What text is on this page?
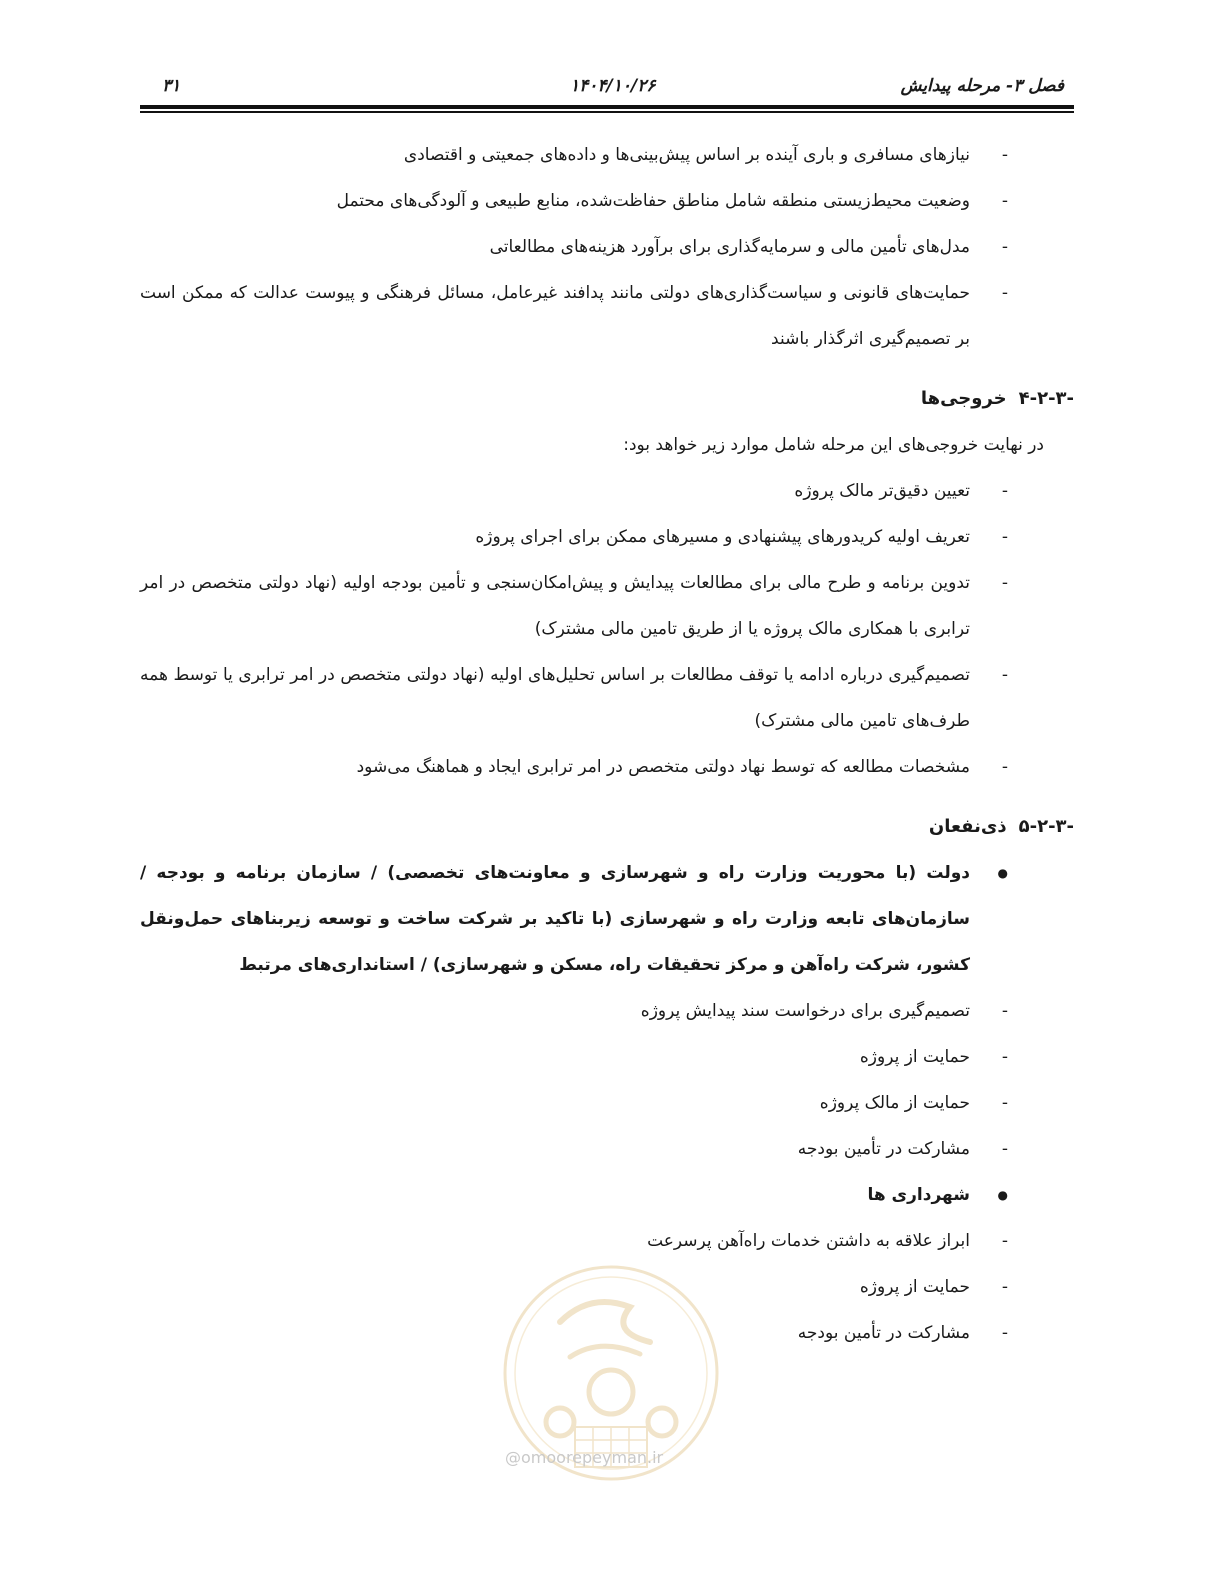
فصل ۳- مرحله پیدایش
۱۴۰۴/۱۰/۲۶
۳۱
-
نیازهای مسافری و باری آینده بر اساس پیش‌بینی‌ها و داده‌های جمعیتی و اقتصادی
-
وضعیت محیط‌زیستی منطقه شامل مناطق حفاظت‌شده، منابع طبیعی و آلودگی‌های محتمل
-
مدل‌های تأمین مالی و سرمایه‌گذاری برای برآورد هزینه‌های مطالعاتی
-
حمایت‌های قانونی و سیاست‌گذاری‌های دولتی مانند پدافند غیرعامل، مسائل فرهنگی و پیوست عدالت که ممکن است بر تصمیم‌گیری اثرگذار باشند
۴-۲-۳-خروجی‌ها
در نهایت خروجی‌های این مرحله شامل موارد زیر خواهد بود:
-
تعیین دقیق‌تر مالک پروژه
-
تعریف اولیه کریدورهای پیشنهادی و مسیرهای ممکن برای اجرای پروژه
-
تدوین برنامه و طرح مالی برای مطالعات پیدایش و پیش‌امکان‌سنجی و تأمین بودجه اولیه (نهاد دولتی متخصص در امر ترابری با همکاری مالک پروژه یا از طریق تامین مالی مشترک)
-
تصمیم‌گیری درباره ادامه یا توقف مطالعات بر اساس تحلیل‌های اولیه (نهاد دولتی متخصص در امر ترابری یا توسط همه طرف‌های تامین مالی مشترک)
-
مشخصات مطالعه که توسط نهاد دولتی متخصص در امر ترابری ایجاد و هماهنگ می‌شود
۵-۲-۳-ذی‌نفعان
●
دولت (با محوریت وزارت راه و شهرسازی و معاونت‌های تخصصی) / سازمان برنامه و بودجه / سازمان‌های تابعه وزارت راه و شهرسازی (با تاکید بر شرکت ساخت و توسعه زیربناهای حمل‌ونقل کشور، شرکت راه‌آهن و مرکز تحقیقات راه، مسکن و شهرسازی) / استانداری‌های مرتبط
-
تصمیم‌گیری برای درخواست سند پیدایش پروژه
-
حمایت از پروژه
-
حمایت از مالک پروژه
-
مشارکت در تأمین بودجه
●
شهرداری ها
-
ابراز علاقه به داشتن خدمات راه‌آهن پرسرعت
-
حمایت از پروژه
-
مشارکت در تأمین بودجه
@omoorepeyman.ir
